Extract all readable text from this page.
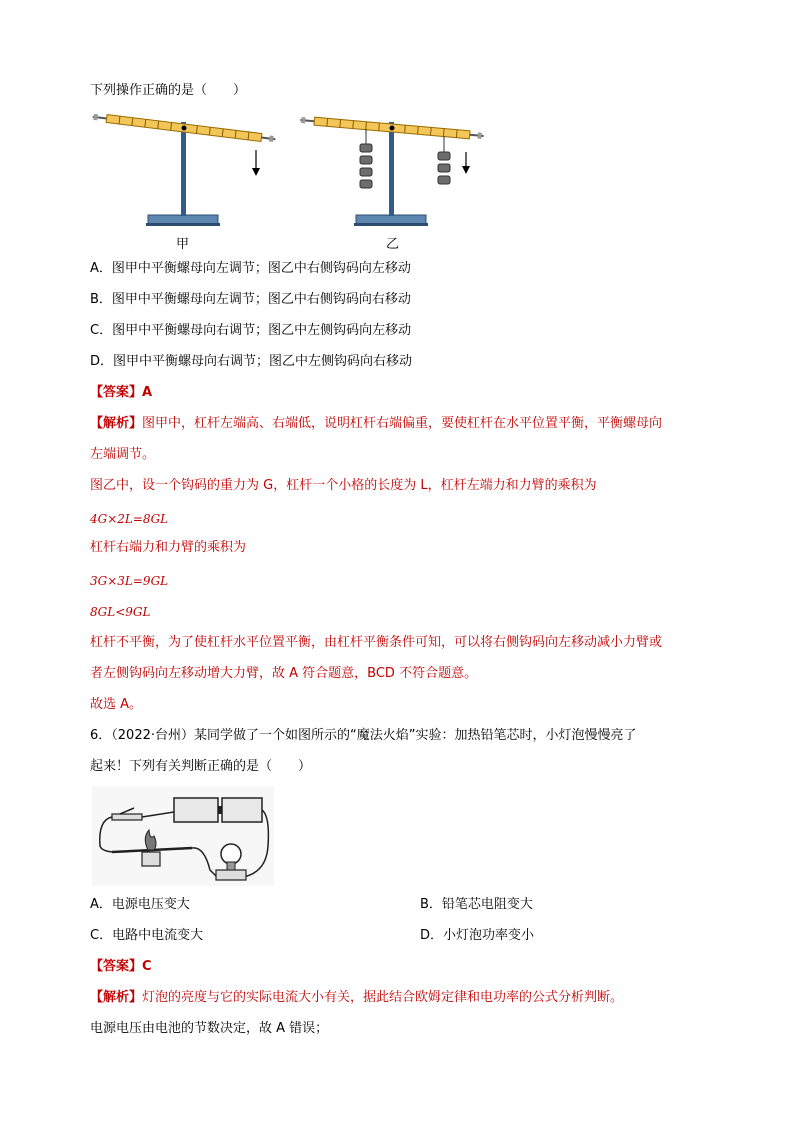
下列操作正确的是（　　）
甲	乙
A．图甲中平衡螺母向左调节；图乙中右侧钩码向左移动
B．图甲中平衡螺母向左调节；图乙中右侧钩码向右移动
C．图甲中平衡螺母向右调节；图乙中左侧钩码向左移动
D．图甲中平衡螺母向右调节；图乙中左侧钩码向右移动
【答案】A
【解析】图甲中，杠杆左端高、右端低，说明杠杆右端偏重，要使杠杆在水平位置平衡，平衡螺母向
左端调节。
图乙中，设一个钩码的重力为 G，杠杆一个小格的长度为 L，杠杆左端力和力臂的乘积为
4G×2L=8GL
杠杆右端力和力臂的乘积为
3G×3L=9GL
8GL<9GL
杠杆不平衡，为了使杠杆水平位置平衡，由杠杆平衡条件可知，可以将右侧钩码向左移动减小力臂或
者左侧钩码向左移动增大力臂，故 A 符合题意，BCD 不符合题意。
故选 A。
6．（2022·台州）某同学做了一个如图所示的“魔法火焰”实验：加热铅笔芯时，小灯泡慢慢亮了
起来！下列有关判断正确的是（　　）
A．电源电压变大	B．铅笔芯电阻变大
C．电路中电流变大	D．小灯泡功率变小
【答案】C
【解析】灯泡的亮度与它的实际电流大小有关，据此结合欧姆定律和电功率的公式分析判断。
电源电压由电池的节数决定，故 A 错误；
